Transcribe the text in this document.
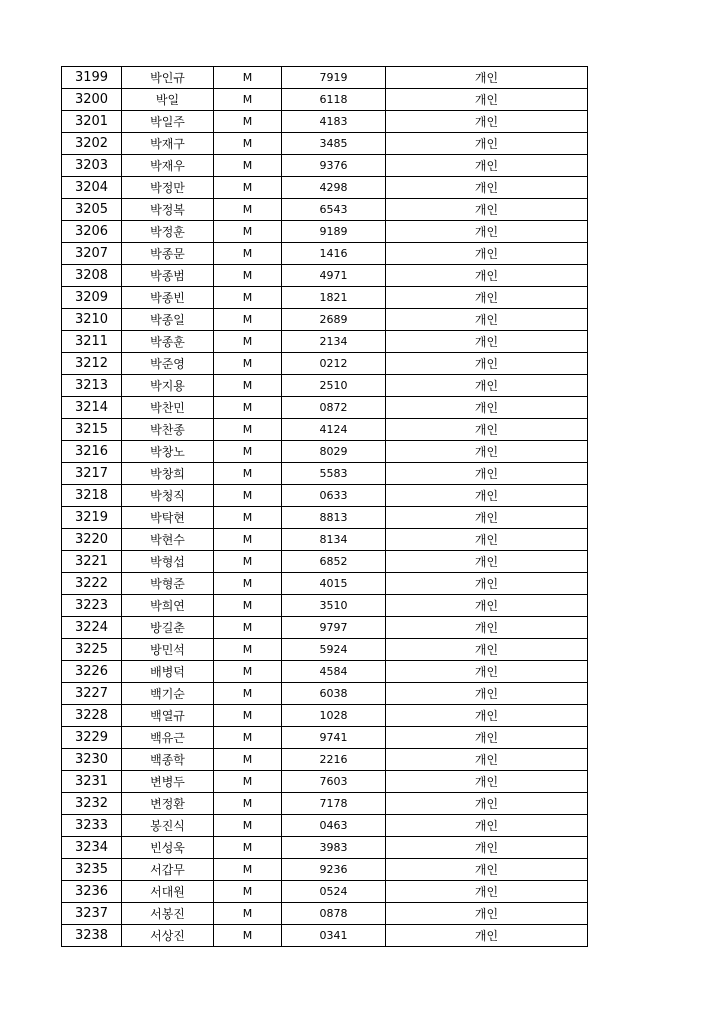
3199	박인규	M	7919	개인
3200	박일	M	6118	개인
3201	박일주	M	4183	개인
3202	박재구	M	3485	개인
3203	박재우	M	9376	개인
3204	박정만	M	4298	개인
3205	박정복	M	6543	개인
3206	박정훈	M	9189	개인
3207	박종문	M	1416	개인
3208	박종범	M	4971	개인
3209	박종빈	M	1821	개인
3210	박종일	M	2689	개인
3211	박종훈	M	2134	개인
3212	박준영	M	0212	개인
3213	박지용	M	2510	개인
3214	박찬민	M	0872	개인
3215	박찬종	M	4124	개인
3216	박창노	M	8029	개인
3217	박창희	M	5583	개인
3218	박청직	M	0633	개인
3219	박탁현	M	8813	개인
3220	박현수	M	8134	개인
3221	박형섭	M	6852	개인
3222	박형준	M	4015	개인
3223	박희연	M	3510	개인
3224	방길춘	M	9797	개인
3225	방민석	M	5924	개인
3226	배병덕	M	4584	개인
3227	백기순	M	6038	개인
3228	백열규	M	1028	개인
3229	백유근	M	9741	개인
3230	백종학	M	2216	개인
3231	변병두	M	7603	개인
3232	변정환	M	7178	개인
3233	봉진식	M	0463	개인
3234	빈성욱	M	3983	개인
3235	서갑무	M	9236	개인
3236	서대원	M	0524	개인
3237	서봉진	M	0878	개인
3238	서상진	M	0341	개인
